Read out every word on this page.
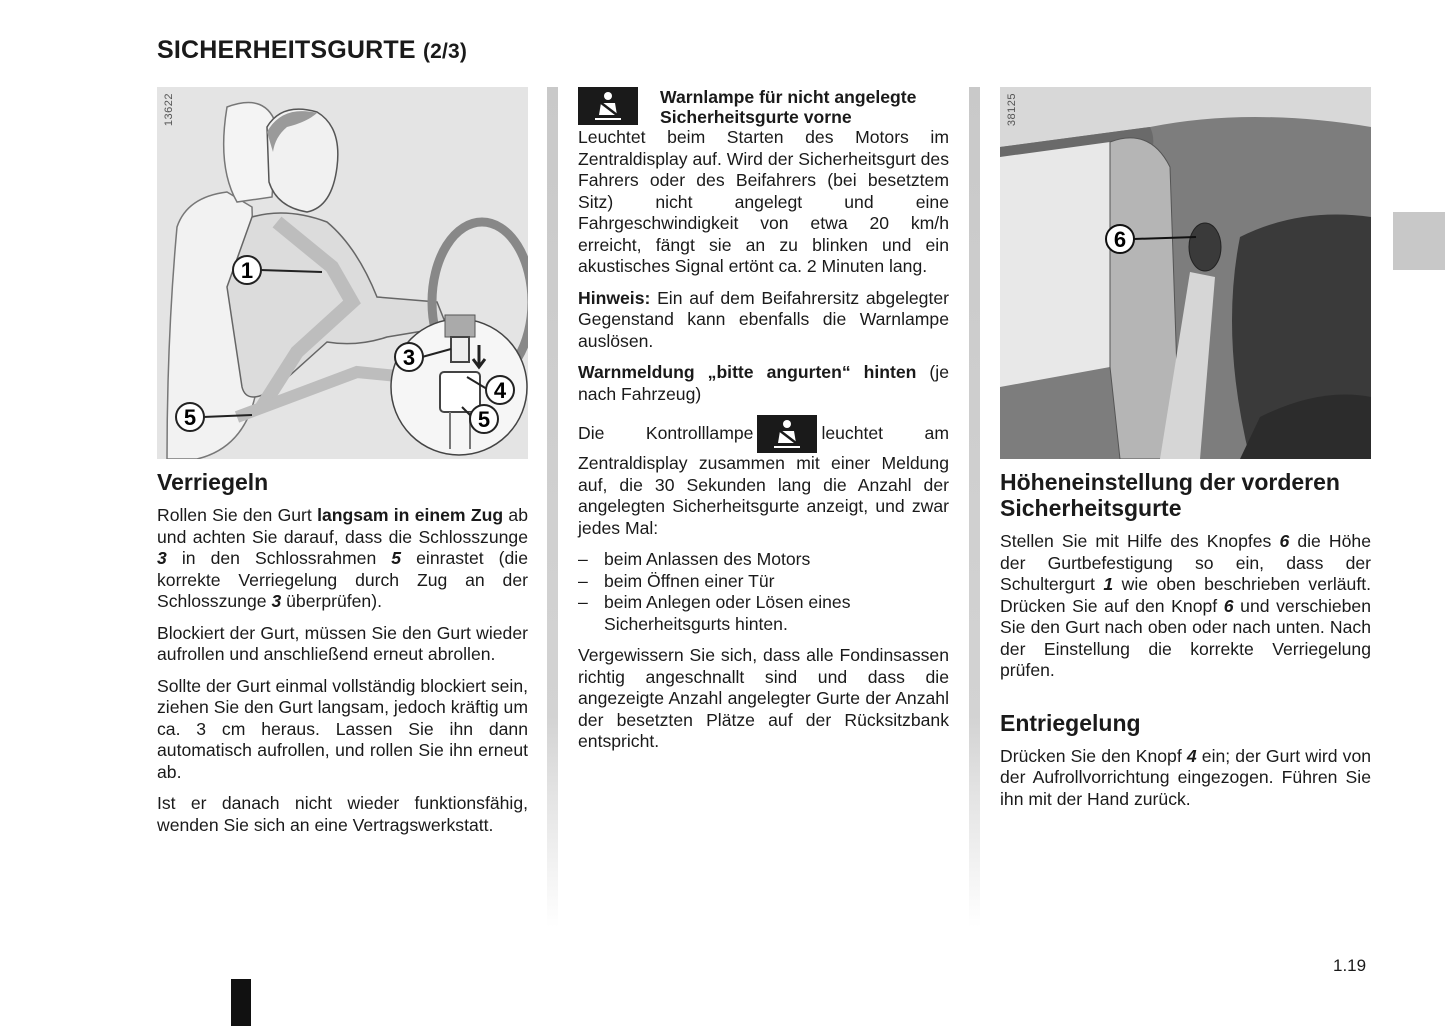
SICHERHEITSGURTE (2/3)
1
5
3
4
5
13622
Verriegeln

Rollen Sie den Gurt langsam in einem Zug ab und achten Sie darauf, dass die Schlosszunge 3 in den Schlossrahmen 5 einrastet (die korrekte Verriegelung durch Zug an der Schlosszunge 3 überprüfen).

Blockiert der Gurt, müssen Sie den Gurt wieder aufrollen und anschließend erneut abrollen.

Sollte der Gurt einmal vollständig blockiert sein, ziehen Sie den Gurt langsam, jedoch kräftig um ca. 3 cm heraus. Lassen Sie ihn dann automatisch aufrollen, und rollen Sie ihn erneut ab.

Ist er danach nicht wieder funktionsfähig, wenden Sie sich an eine Vertragswerkstatt.

Warnlampe für nicht angelegte Sicherheitsgurte vorne

Leuchtet beim Starten des Motors im Zentraldisplay auf. Wird der Sicherheitsgurt des Fahrers oder des Beifahrers (bei besetztem Sitz) nicht angelegt und eine Fahrgeschwindigkeit von etwa 20 km/h erreicht, fängt sie an zu blinken und ein akustisches Signal ertönt ca. 2 Minuten lang.

Hinweis: Ein auf dem Beifahrersitz abgelegter Gegenstand kann ebenfalls die Warnlampe auslösen.

Warnmeldung „bitte angurten“ hinten (je nach Fahrzeug)

Die Kontrolllampe	leuchtet am Zentraldisplay zusammen mit einer Meldung auf, die 30 Sekunden lang die Anzahl der angelegten Sicherheitsgurte anzeigt, und zwar jedes Mal:

– beim Anlassen des Motors
– beim Öffnen einer Tür
– beim Anlegen oder Lösen eines Sicherheitsgurts hinten.

Vergewissern Sie sich, dass alle Fondinsassen richtig angeschnallt sind und dass die angezeigte Anzahl angelegter Gurte der Anzahl der besetzten Plätze auf der Rücksitzbank entspricht.

6
38125
Höheneinstellung der vorderen Sicherheitsgurte

Stellen Sie mit Hilfe des Knopfes 6 die Höhe der Gurtbefestigung so ein, dass der Schultergurt 1 wie oben beschrieben verläuft. Drücken Sie auf den Knopf 6 und verschieben Sie den Gurt nach oben oder nach unten. Nach der Einstellung die korrekte Verriegelung prüfen.

Entriegelung

Drücken Sie den Knopf 4 ein; der Gurt wird von der Aufrollvorrichtung eingezogen. Führen Sie ihn mit der Hand zurück.

1.19
